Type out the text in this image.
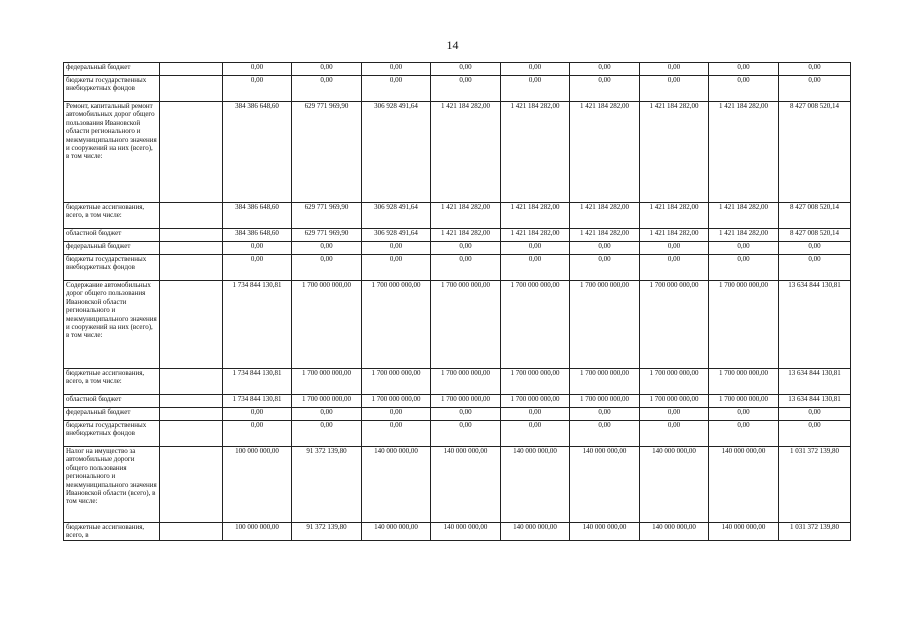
14
федеральный бюджет		0,00	0,00	0,00	0,00	0,00	0,00	0,00	0,00	0,00
бюджеты государственных внебюджетных фондов		0,00	0,00	0,00	0,00	0,00	0,00	0,00	0,00	0,00
Ремонт, капитальный ремонт автомобильных дорог общего пользования Ивановской области регионального и межмуниципального значения и сооружений на них (всего), в том числе:		384 386 648,60	629 771 969,90	306 928 491,64	1 421 184 282,00	1 421 184 282,00	1 421 184 282,00	1 421 184 282,00	1 421 184 282,00	8 427 008 520,14
бюджетные ассигнования, всего, в том числе:		384 386 648,60	629 771 969,90	306 928 491,64	1 421 184 282,00	1 421 184 282,00	1 421 184 282,00	1 421 184 282,00	1 421 184 282,00	8 427 008 520,14
областной бюджет		384 386 648,60	629 771 969,90	306 928 491,64	1 421 184 282,00	1 421 184 282,00	1 421 184 282,00	1 421 184 282,00	1 421 184 282,00	8 427 008 520,14
федеральный бюджет		0,00	0,00	0,00	0,00	0,00	0,00	0,00	0,00	0,00
бюджеты государственных внебюджетных фондов		0,00	0,00	0,00	0,00	0,00	0,00	0,00	0,00	0,00
Содержание автомобильных дорог общего пользования Ивановской области регионального и межмуниципального значения и сооружений на них (всего), в том числе:		1 734 844 130,81	1 700 000 000,00	1 700 000 000,00	1 700 000 000,00	1 700 000 000,00	1 700 000 000,00	1 700 000 000,00	1 700 000 000,00	13 634 844 130,81
бюджетные ассигнования, всего, в том числе:		1 734 844 130,81	1 700 000 000,00	1 700 000 000,00	1 700 000 000,00	1 700 000 000,00	1 700 000 000,00	1 700 000 000,00	1 700 000 000,00	13 634 844 130,81
областной бюджет		1 734 844 130,81	1 700 000 000,00	1 700 000 000,00	1 700 000 000,00	1 700 000 000,00	1 700 000 000,00	1 700 000 000,00	1 700 000 000,00	13 634 844 130,81
федеральный бюджет		0,00	0,00	0,00	0,00	0,00	0,00	0,00	0,00	0,00
бюджеты государственных внебюджетных фондов		0,00	0,00	0,00	0,00	0,00	0,00	0,00	0,00	0,00
Налог на имущество за автомобильные дороги общего пользования регионального и межмуниципального значения Ивановской области (всего), в том числе:		100 000 000,00	91 372 139,80	140 000 000,00	140 000 000,00	140 000 000,00	140 000 000,00	140 000 000,00	140 000 000,00	1 031 372 139,80
бюджетные ассигнования, всего, в		100 000 000,00	91 372 139,80	140 000 000,00	140 000 000,00	140 000 000,00	140 000 000,00	140 000 000,00	140 000 000,00	1 031 372 139,80
